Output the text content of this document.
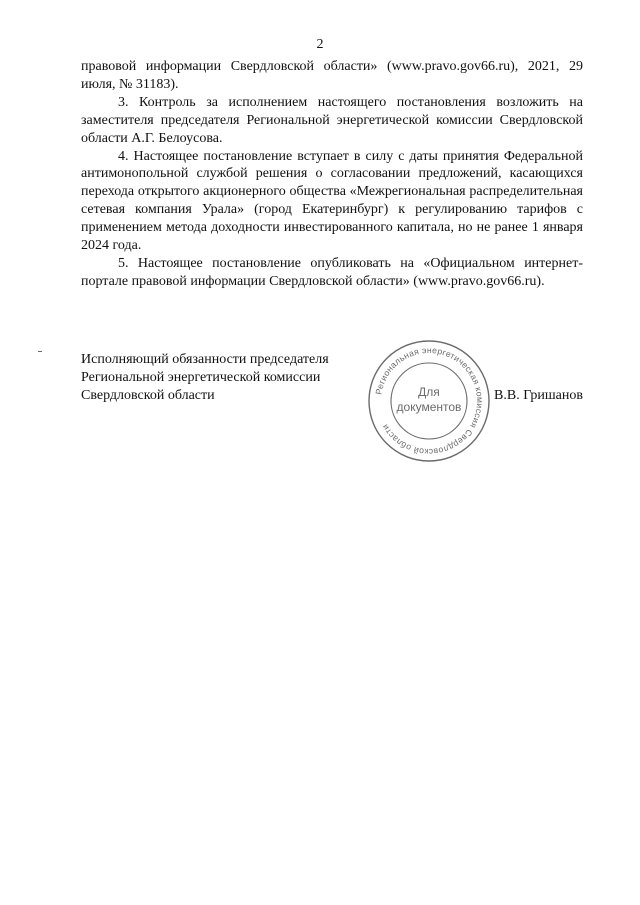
2

правовой информации Свердловской области» (www.pravo.gov66.ru), 2021, 29 июля, № 31183).

3. Контроль за исполнением настоящего постановления возложить на заместителя председателя Региональной энергетической комиссии Свердловской области А.Г. Белоусова.

4. Настоящее постановление вступает в силу с даты принятия Федеральной антимонопольной службой решения о согласовании предложений, касающихся перехода открытого акционерного общества «Межрегиональная распределительная сетевая компания Урала» (город Екатеринбург) к регулированию тарифов с применением метода доходности инвестированного капитала, но не ранее 1 января 2024 года.

5. Настоящее постановление опубликовать на «Официальном интернет-портале правовой информации Свердловской области» (www.pravo.gov66.ru).

Исполняющий обязанности председателя
Региональной энергетической комиссии
Свердловской области	Региональная энергетическая комиссия Свердловской области
Для
документов
В.В. Гришанов
